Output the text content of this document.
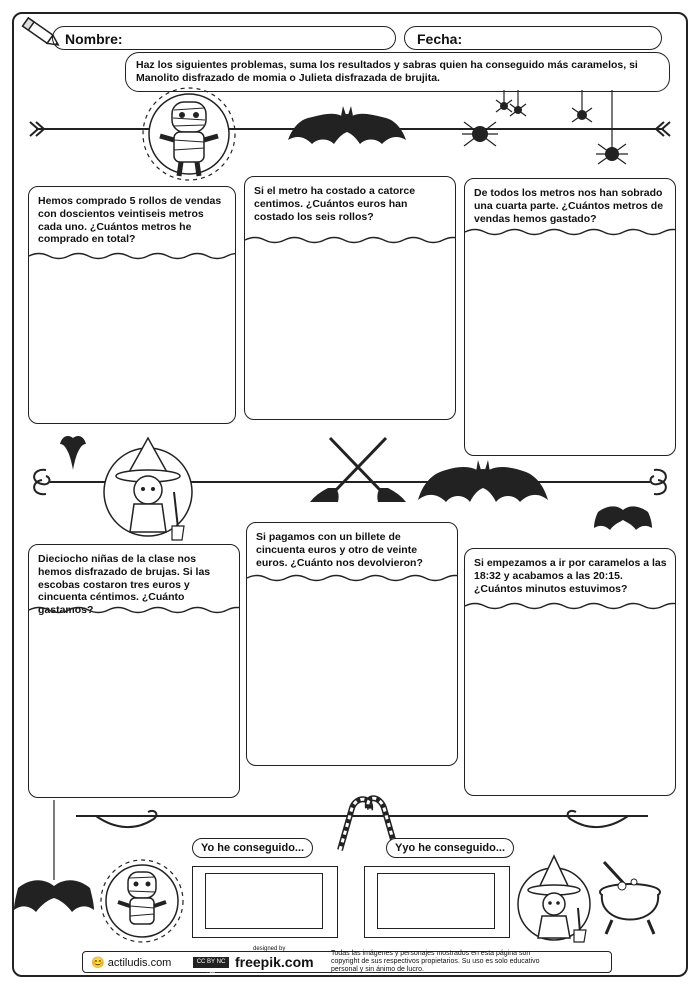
Nombre:	Fecha:
Haz los siguientes problemas, suma los resultados y sabras quien ha conseguido más caramelos, si Manolito disfrazado de momia o Julieta disfrazada de brujita.
Hemos comprado 5 rollos de vendas con doscientos veintiseis metros cada uno. ¿Cuántos metros he comprado en total?
Si el metro ha costado a catorce centimos. ¿Cuántos euros han costado los seis rollos?
De todos los metros nos han sobrado una cuarta parte. ¿Cuántos metros de vendas hemos gastado?
Dieciocho niñas de la clase nos hemos disfrazado de brujas. Si las escobas costaron tres euros y cincuenta céntimos. ¿Cuánto gastamos?
Si pagamos con un billete de cincuenta euros y otro de veinte euros. ¿Cuánto nos devolvieron?	Si empezamos a ir por caramelos a las 18:32 y acabamos a las 20:15. ¿Cuántos minutos estuvimos?
Yo he conseguido...	Yyo he conseguido...
😊 actiludis.com	CC BY NC SA
designed by
freepik.com
Todas las imágenes y personajes mostrados en esta página son copyright de sus respectivos propietarios. Su uso es solo educativo personal y sin ánimo de lucro.
